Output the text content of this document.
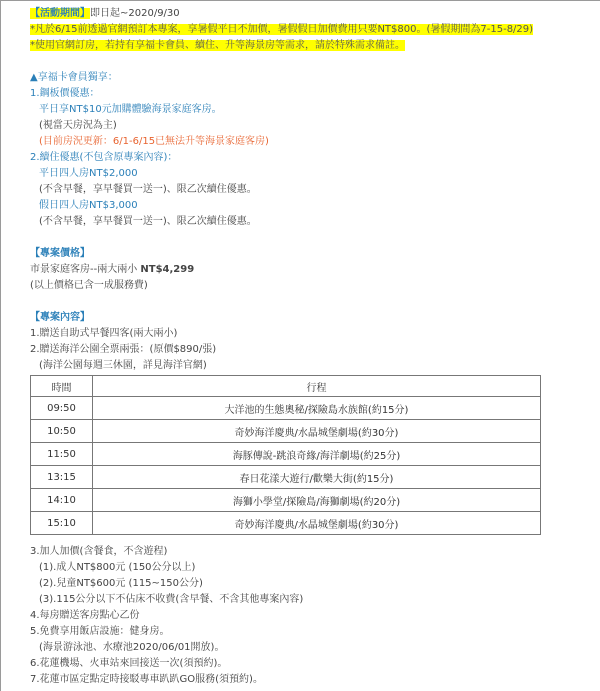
【活動期間】即日起~2020/9/30
*凡於6/15前透過官網預訂本專案，享暑假平日不加價，暑假假日加價費用只要NT$800。(暑假期間為7-15-8/29)
*使用官網訂房，若持有享福卡會員、續住、升等海景房等需求，請於特殊需求備註。
▲享福卡會員獨享：
1.鋼板價優惠：
平日享NT$10元加購體驗海景家庭客房。
(視當天房況為主)
(目前房況更新：6/1-6/15已無法升等海景家庭客房)
2.續住優惠(不包含原專案內容)：
平日四人房NT$2,000
(不含早餐，享早餐買一送一)、限乙次續住優惠。
假日四人房NT$3,000
(不含早餐，享早餐買一送一)、限乙次續住優惠。
【專案價格】
市景家庭客房--兩大兩小 NT$4,299
(以上價格已含一成服務費)
【專案內容】
1.贈送自助式早餐四客(兩大兩小)
2.贈送海洋公園全票兩張：(原價$890/張)
(海洋公園每週三休園，詳見海洋官網)
時間	行程
09:50	大洋池的生態奧秘/探險島水族館(約15分)
10:50	奇妙海洋慶典/水晶城堡劇場(約30分)
11:50	海豚傳說-跳浪奇緣/海洋劇場(約25分)
13:15	春日花漾大遊行/歡樂大街(約15分)
14:10	海獅小學堂/探險島/海獅劇場(約20分)
15:10	奇妙海洋慶典/水晶城堡劇場(約30分)
3.加人加價(含餐食，不含遊程)
(1).成人NT$800元 (150公分以上)
(2).兒童NT$600元 (115~150公分)
(3).115公分以下不佔床不收費(含早餐、不含其他專案內容)
4.每房贈送客房點心乙份
5.免費享用飯店設施：健身房。
(海景游泳池、水療池2020/06/01開放)。
6.花蓮機場、火車站來回接送一次(須預約)。
7.花蓮市區定點定時接駁專車趴趴GO服務(須預約)。
